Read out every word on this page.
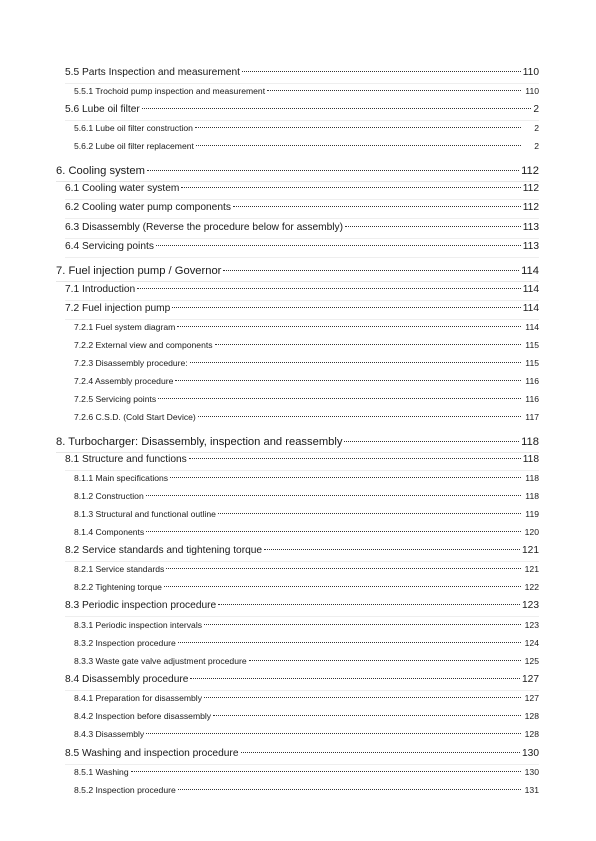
5.5 Parts Inspection and measurement	110
5.5.1 Trochoid pump inspection and measurement	110
5.6 Lube oil filter	2
5.6.1 Lube oil filter construction	2
5.6.2 Lube oil filter replacement	2
6. Cooling system	112
6.1 Cooling water system	112
6.2 Cooling water pump components	112
6.3 Disassembly (Reverse the procedure below for assembly)	113
6.4 Servicing points	113
7. Fuel injection pump / Governor	114
7.1 Introduction	114
7.2 Fuel injection pump	114
7.2.1 Fuel system diagram	114
7.2.2 External view and components	115
7.2.3 Disassembly procedure:	115
7.2.4 Assembly procedure	116
7.2.5 Servicing points	116
7.2.6 C.S.D. (Cold Start Device)	117
8. Turbocharger: Disassembly, inspection and reassembly	118
8.1 Structure and functions	118
8.1.1 Main specifications	118
8.1.2 Construction	118
8.1.3 Structural and functional outline	119
8.1.4 Components	120
8.2 Service standards and tightening torque	121
8.2.1 Service standards	121
8.2.2 Tightening torque	122
8.3 Periodic inspection procedure	123
8.3.1 Periodic inspection intervals	123
8.3.2 Inspection procedure	124
8.3.3 Waste gate valve adjustment procedure	125
8.4 Disassembly procedure	127
8.4.1 Preparation for disassembly	127
8.4.2 Inspection before disassembly	128
8.4.3 Disassembly	128
8.5 Washing and inspection procedure	130
8.5.1 Washing	130
8.5.2 Inspection procedure	131
